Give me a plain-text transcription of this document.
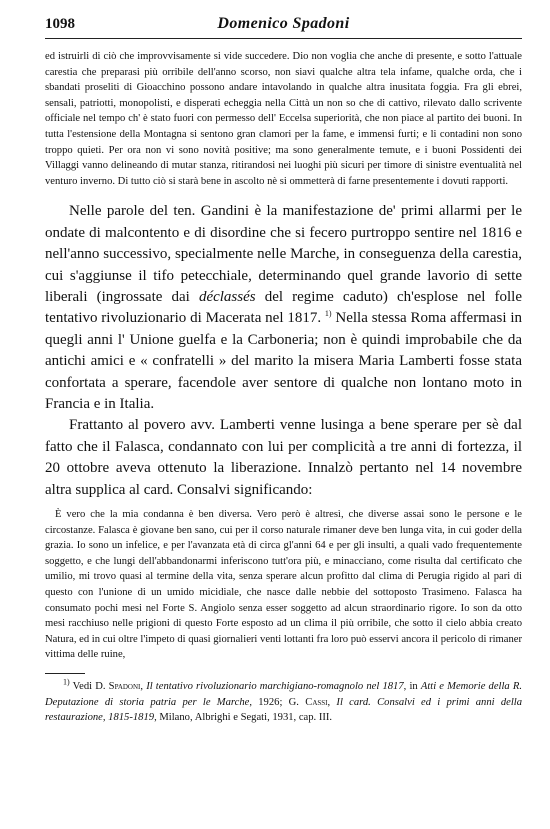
1098	Domenico Spadoni

ed istruirli di ciò che improvvisamente si vide succedere. Dio non voglia che anche di presente, e sotto l'attuale carestia che preparasi più orribile dell'anno scorso, non siavi qualche altra tela infame, qualche orda, che i sbandati proseliti di Gioacchino possono andare intavolando in qualche altra inusitata foggia. Fra gli ebrei, sensali, patriotti, monopolisti, e disperati echeggia nella Città un non so che di cattivo, rilevato dallo scrivente officiale nel tempo ch' è stato fuori con permesso dell' Eccelsa superiorità, che non piace al partito dei buoni. In tutta l'estensione della Montagna si sentono gran clamori per la fame, e immensi furti; e li contadini non sono troppo quieti. Per ora non vi sono novità positive; ma sono generalmente temute, e i buoni Possidenti dei Villaggi vanno delineando di mutar stanza, ritirandosi nei luoghi più sicuri per timore di sinistre eventualità nel venturo inverno. Di tutto ciò si starà bene in ascolto nè si ommetterà di farne presentemente i dovuti rapporti.

Nelle parole del ten. Gandini è la manifestazione de' primi allarmi per le ondate di malcontento e di disordine che si fecero purtroppo sentire nel 1816 e nell'anno successivo, specialmente nelle Marche, in conseguenza della carestia, cui s'aggiunse il tifo petecchiale, determinando quel grande lavorio di sette liberali (ingrossate dai déclassés del regime caduto) ch'esplose nel folle tentativo rivoluzionario di Macerata nel 1817. $^{1)}$ Nella stessa Roma affermasi in quegli anni l' Unione guelfa e la Carboneria; non è quindi improbabile che da antichi amici e « confratelli » del marito la misera Maria Lamberti fosse stata confortata a sperare, facendole aver sentore di qualche non lontano moto in Francia e in Italia.

Frattanto al povero avv. Lamberti venne lusinga a bene sperare per sè dal fatto che il Falasca, condannato con lui per complicità a tre anni di fortezza, il 20 ottobre aveva ottenuto la liberazione. Innalzò pertanto nel 14 novembre altra supplica al card. Consalvi significando:

È vero che la mia condanna è ben diversa. Vero però è altresì, che diverse assai sono le persone e le circostanze. Falasca è giovane ben sano, cui per il corso naturale rimaner deve ben lunga vita, in cui goder della grazia. Io sono un infelice, e per l'avanzata età di circa gl'anni 64 e per gli insulti, a quali vado frequentemente soggetto, e che lungi dell'abbandonarmi inferiscono tutt'ora più, e minacciano, come risulta dal certificato che umilio, mi trovo quasi al termine della vita, senza sperare alcun profitto dal clima di Perugia rigido al pari di questo con l'unione di un umido micidiale, che nasce dalle nebbie del sottoposto Trasimeno. Falasca ha consumato pochi mesi nel Forte S. Angiolo senza esser soggetto ad alcun straordinario rigore. Io son da otto mesi racchiuso nelle prigioni di questo Forte esposto ad un clima il più orribile, che sotto il cielo abbia creato Natura, ed in cui oltre l'impeto di quasi giornalieri venti lottanti fra loro può esservi ancora il pericolo di rimaner vittima delle ruine,

$^{1)}$ Vedi D. Spadoni, Il tentativo rivoluzionario marchigiano-romagnolo nel 1817, in Atti e Memorie della R. Deputazione di storia patria per le Marche, 1926; G. Cassi, Il card. Consalvi ed i primi anni della restaurazione, 1815-1819, Milano, Albrighi e Segati, 1931, cap. III.
